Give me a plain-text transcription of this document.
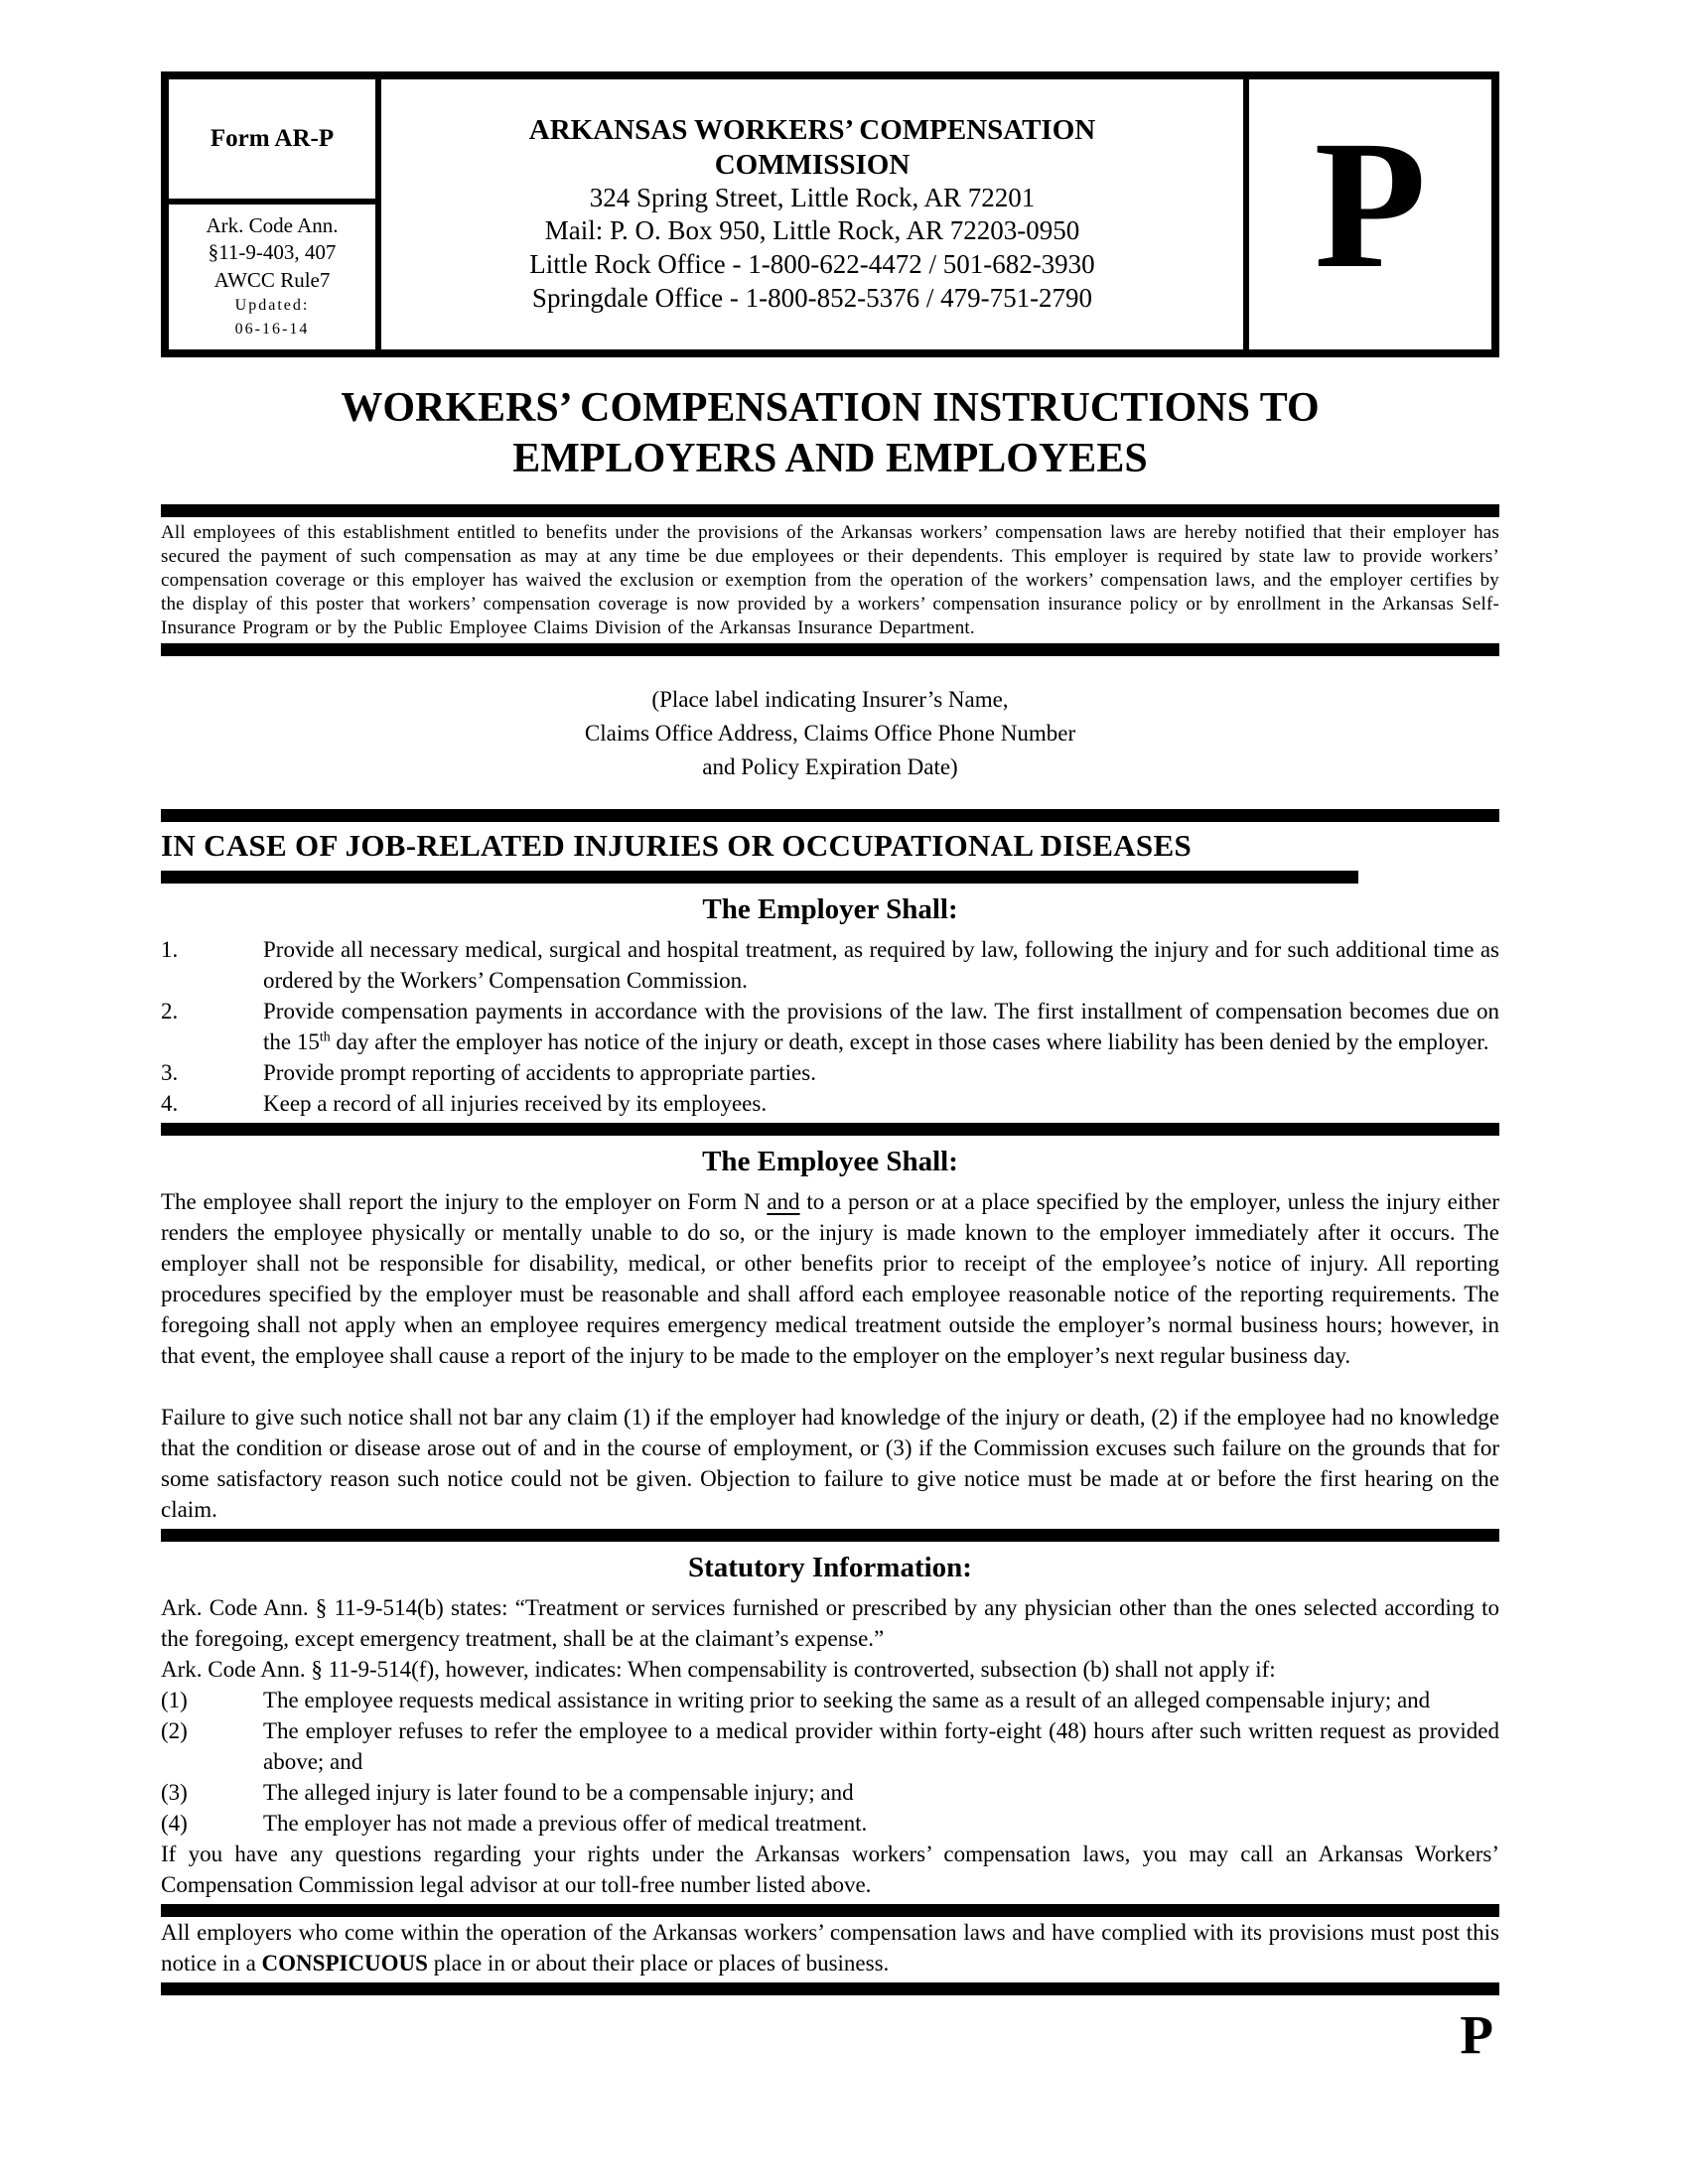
Form AR-P
Ark. Code Ann.
§11-9-403, 407
AWCC Rule7
Updated:
06-16-14
ARKANSAS WORKERS’ COMPENSATION
COMMISSION
324 Spring Street, Little Rock, AR 72201
Mail: P. O. Box 950, Little Rock, AR 72203-0950
Little Rock Office - 1-800-622-4472 / 501-682-3930
Springdale Office - 1-800-852-5376 / 479-751-2790 P
WORKERS’ COMPENSATION INSTRUCTIONS TO
EMPLOYERS AND EMPLOYEES

All employees of this establishment entitled to benefits under the provisions of the Arkansas workers’ compensation laws are hereby notified that their employer has secured the payment of such compensation as may at any time be due employees or their dependents. This employer is required by state law to provide workers’ compensation coverage or this employer has waived the exclusion or exemption from the operation of the workers’ compensation laws, and the employer certifies by the display of this poster that workers’ compensation coverage is now provided by a workers’ compensation insurance policy or by enrollment in the Arkansas Self-Insurance Program or by the Public Employee Claims Division of the Arkansas Insurance Department.

(Place label indicating Insurer’s Name,
Claims Office Address, Claims Office Phone Number
and Policy Expiration Date)
IN CASE OF JOB-RELATED INJURIES OR OCCUPATIONAL DISEASES
The Employer Shall:
1.	Provide all necessary medical, surgical and hospital treatment, as required by law, following the injury and for such additional time as ordered by the Workers’ Compensation Commission.
2.	Provide compensation payments in accordance with the provisions of the law. The first installment of compensation becomes due on the 15th day after the employer has notice of the injury or death, except in those cases where liability has been denied by the employer.
3.	Provide prompt reporting of accidents to appropriate parties.
4.	Keep a record of all injuries received by its employees.
The Employee Shall:

The employee shall report the injury to the employer on Form N and to a person or at a place specified by the employer, unless the injury either renders the employee physically or mentally unable to do so, or the injury is made known to the employer immediately after it occurs. The employer shall not be responsible for disability, medical, or other benefits prior to receipt of the employee’s notice of injury. All reporting procedures specified by the employer must be reasonable and shall afford each employee reasonable notice of the reporting requirements. The foregoing shall not apply when an employee requires emergency medical treatment outside the employer’s normal business hours; however, in that event, the employee shall cause a report of the injury to be made to the employer on the employer’s next regular business day.

Failure to give such notice shall not bar any claim (1) if the employer had knowledge of the injury or death, (2) if the employee had no knowledge that the condition or disease arose out of and in the course of employment, or (3) if the Commission excuses such failure on the grounds that for some satisfactory reason such notice could not be given. Objection to failure to give notice must be made at or before the first hearing on the claim.

Statutory Information:

Ark. Code Ann. § 11-9-514(b) states: “Treatment or services furnished or prescribed by any physician other than the ones selected according to the foregoing, except emergency treatment, shall be at the claimant’s expense.”

Ark. Code Ann. § 11-9-514(f), however, indicates: When compensability is controverted, subsection (b) shall not apply if:

(1)	The employee requests medical assistance in writing prior to seeking the same as a result of an alleged compensable injury; and
(2)	The employer refuses to refer the employee to a medical provider within forty-eight (48) hours after such written request as provided above; and
(3)	The alleged injury is later found to be a compensable injury; and
(4)	The employer has not made a previous offer of medical treatment.

If you have any questions regarding your rights under the Arkansas workers’ compensation laws, you may call an Arkansas Workers’ Compensation Commission legal advisor at our toll-free number listed above.

All employers who come within the operation of the Arkansas workers’ compensation laws and have complied with its provisions must post this notice in a CONSPICUOUS place in or about their place or places of business.

P
